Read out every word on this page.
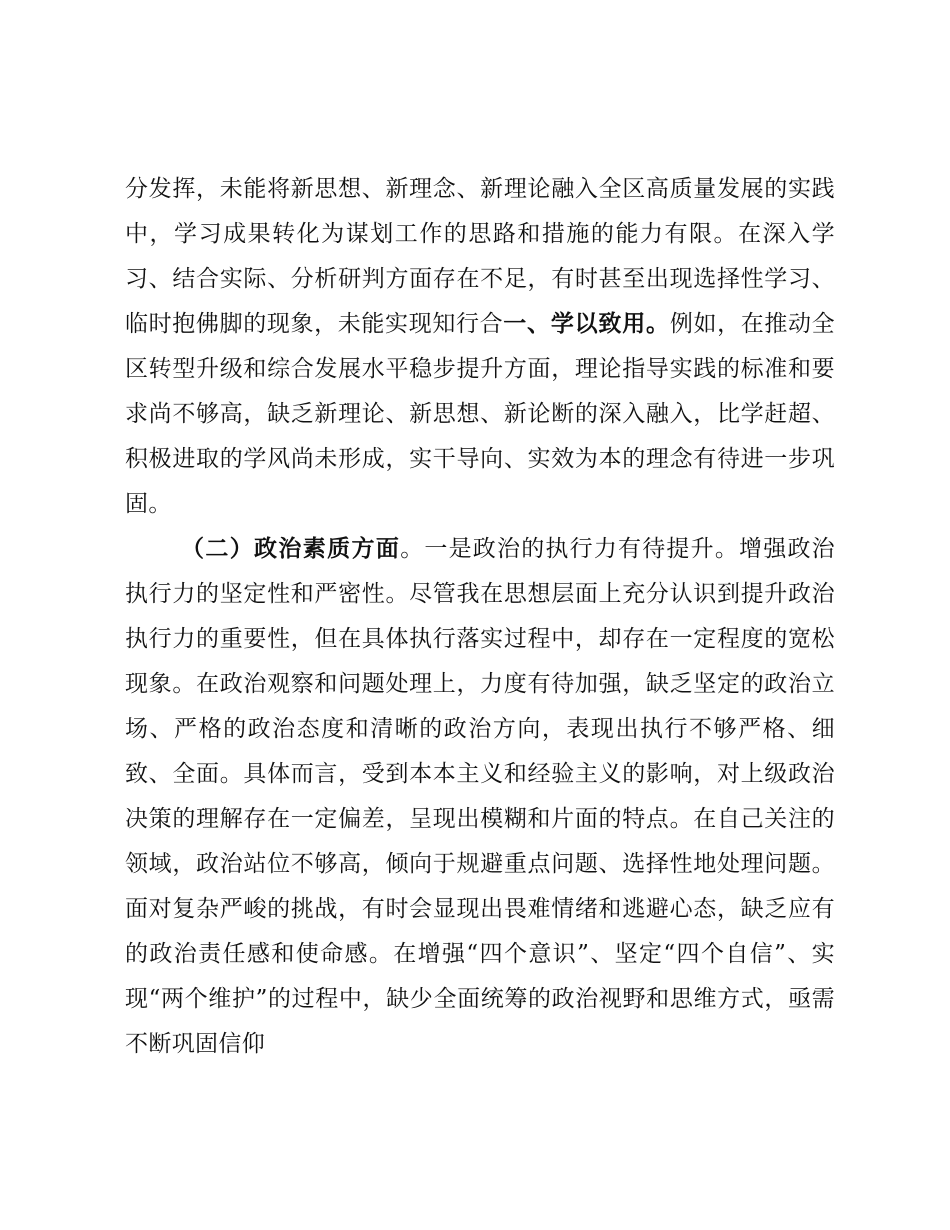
分发挥，未能将新思想、新理念、新理论融入全区高质量发展的实践中，学习成果转化为谋划工作的思路和措施的能力有限。在深入学习、结合实际、分析研判方面存在不足，有时甚至出现选择性学习、临时抱佛脚的现象，未能实现知行合一、学以致用。例如，在推动全区转型升级和综合发展水平稳步提升方面，理论指导实践的标准和要求尚不够高，缺乏新理论、新思想、新论断的深入融入，比学赶超、积极进取的学风尚未形成，实干导向、实效为本的理念有待进一步巩固。

（二）政治素质方面。一是政治的执行力有待提升。增强政治执行力的坚定性和严密性。尽管我在思想层面上充分认识到提升政治执行力的重要性，但在具体执行落实过程中，却存在一定程度的宽松现象。在政治观察和问题处理上，力度有待加强，缺乏坚定的政治立场、严格的政治态度和清晰的政治方向，表现出执行不够严格、细致、全面。具体而言，受到本本主义和经验主义的影响，对上级政治决策的理解存在一定偏差，呈现出模糊和片面的特点。在自己关注的领域，政治站位不够高，倾向于规避重点问题、选择性地处理问题。面对复杂严峻的挑战，有时会显现出畏难情绪和逃避心态，缺乏应有的政治责任感和使命感。在增强“四个意识”、坚定“四个自信”、实现“两个维护”的过程中，缺少全面统筹的政治视野和思维方式，亟需不断巩固信仰
